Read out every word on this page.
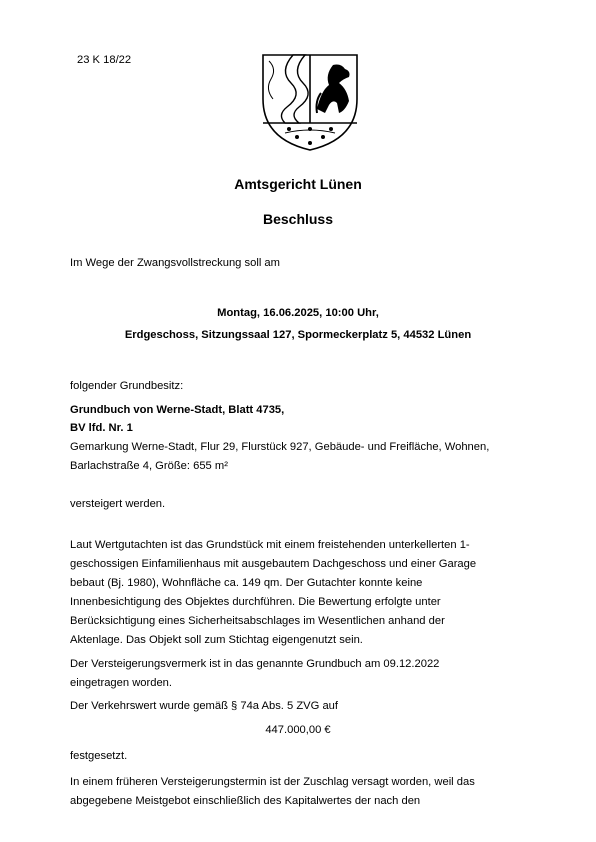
23 K 18/22
Amtsgericht Lünen
Beschluss
Im Wege der Zwangsvollstreckung soll am
Montag, 16.06.2025, 10:00 Uhr,
Erdgeschoss, Sitzungssaal 127, Spormeckerplatz 5, 44532 Lünen
folgender Grundbesitz:
Grundbuch von Werne-Stadt, Blatt 4735,
BV lfd. Nr. 1
Gemarkung Werne-Stadt, Flur 29, Flurstück 927, Gebäude- und Freifläche, Wohnen,
Barlachstraße 4, Größe: 655 m²
versteigert werden.
Laut Wertgutachten ist das Grundstück mit einem freistehenden unterkellerten 1-
geschossigen Einfamilienhaus mit ausgebautem Dachgeschoss und einer Garage
bebaut (Bj. 1980), Wohnfläche ca. 149 qm. Der Gutachter konnte keine
Innenbesichtigung des Objektes durchführen. Die Bewertung erfolgte unter
Berücksichtigung eines Sicherheitsabschlages im Wesentlichen anhand der
Aktenlage. Das Objekt soll zum Stichtag eigengenutzt sein.
Der Versteigerungsvermerk ist in das genannte Grundbuch am 09.12.2022
eingetragen worden.
Der Verkehrswert wurde gemäß § 74a Abs. 5 ZVG auf
447.000,00 €
festgesetzt.
In einem früheren Versteigerungstermin ist der Zuschlag versagt worden, weil das
abgegebene Meistgebot einschließlich des Kapitalwertes der nach den
